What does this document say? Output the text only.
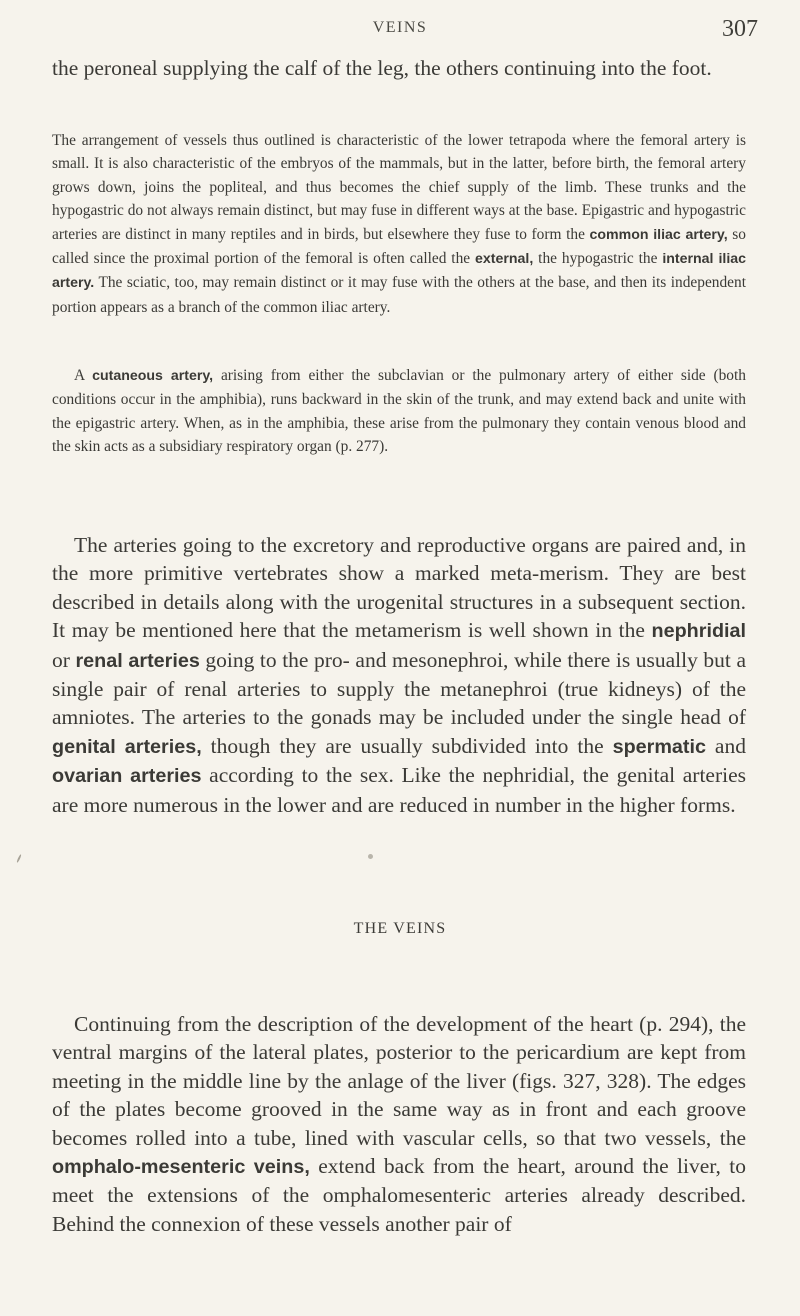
VEINS	307

the peroneal supplying the calf of the leg, the others continuing into the foot.

The arrangement of vessels thus outlined is characteristic of the lower tetrapoda where the femoral artery is small. It is also characteristic of the embryos of the mammals, but in the latter, before birth, the femoral artery grows down, joins the popliteal, and thus becomes the chief supply of the limb. These trunks and the hypogastric do not always remain distinct, but may fuse in different ways at the base. Epigastric and hypogastric arteries are distinct in many reptiles and in birds, but elsewhere they fuse to form the common iliac artery, so called since the proximal portion of the femoral is often called the external, the hypogastric the internal iliac artery. The sciatic, too, may remain distinct or it may fuse with the others at the base, and then its independent portion appears as a branch of the common iliac artery.

A cutaneous artery, arising from either the subclavian or the pulmonary artery of either side (both conditions occur in the amphibia), runs backward in the skin of the trunk, and may extend back and unite with the epigastric artery. When, as in the amphibia, these arise from the pulmonary they contain venous blood and the skin acts as a subsidiary respiratory organ (p. 277).

The arteries going to the excretory and reproductive organs are paired and, in the more primitive vertebrates show a marked meta-merism. They are best described in details along with the urogenital structures in a subsequent section. It may be mentioned here that the metamerism is well shown in the nephridial or renal arteries going to the pro- and mesonephroi, while there is usually but a single pair of renal arteries to supply the metanephroi (true kidneys) of the amniotes. The arteries to the gonads may be included under the single head of genital arteries, though they are usually subdivided into the spermatic and ovarian arteries according to the sex. Like the nephridial, the genital arteries are more numerous in the lower and are reduced in number in the higher forms.

THE VEINS

Continuing from the description of the development of the heart (p. 294), the ventral margins of the lateral plates, posterior to the pericardium are kept from meeting in the middle line by the anlage of the liver (figs. 327, 328). The edges of the plates become grooved in the same way as in front and each groove becomes rolled into a tube, lined with vascular cells, so that two vessels, the omphalo-mesenteric veins, extend back from the heart, around the liver, to meet the extensions of the omphalomesenteric arteries already described. Behind the connexion of these vessels another pair of
